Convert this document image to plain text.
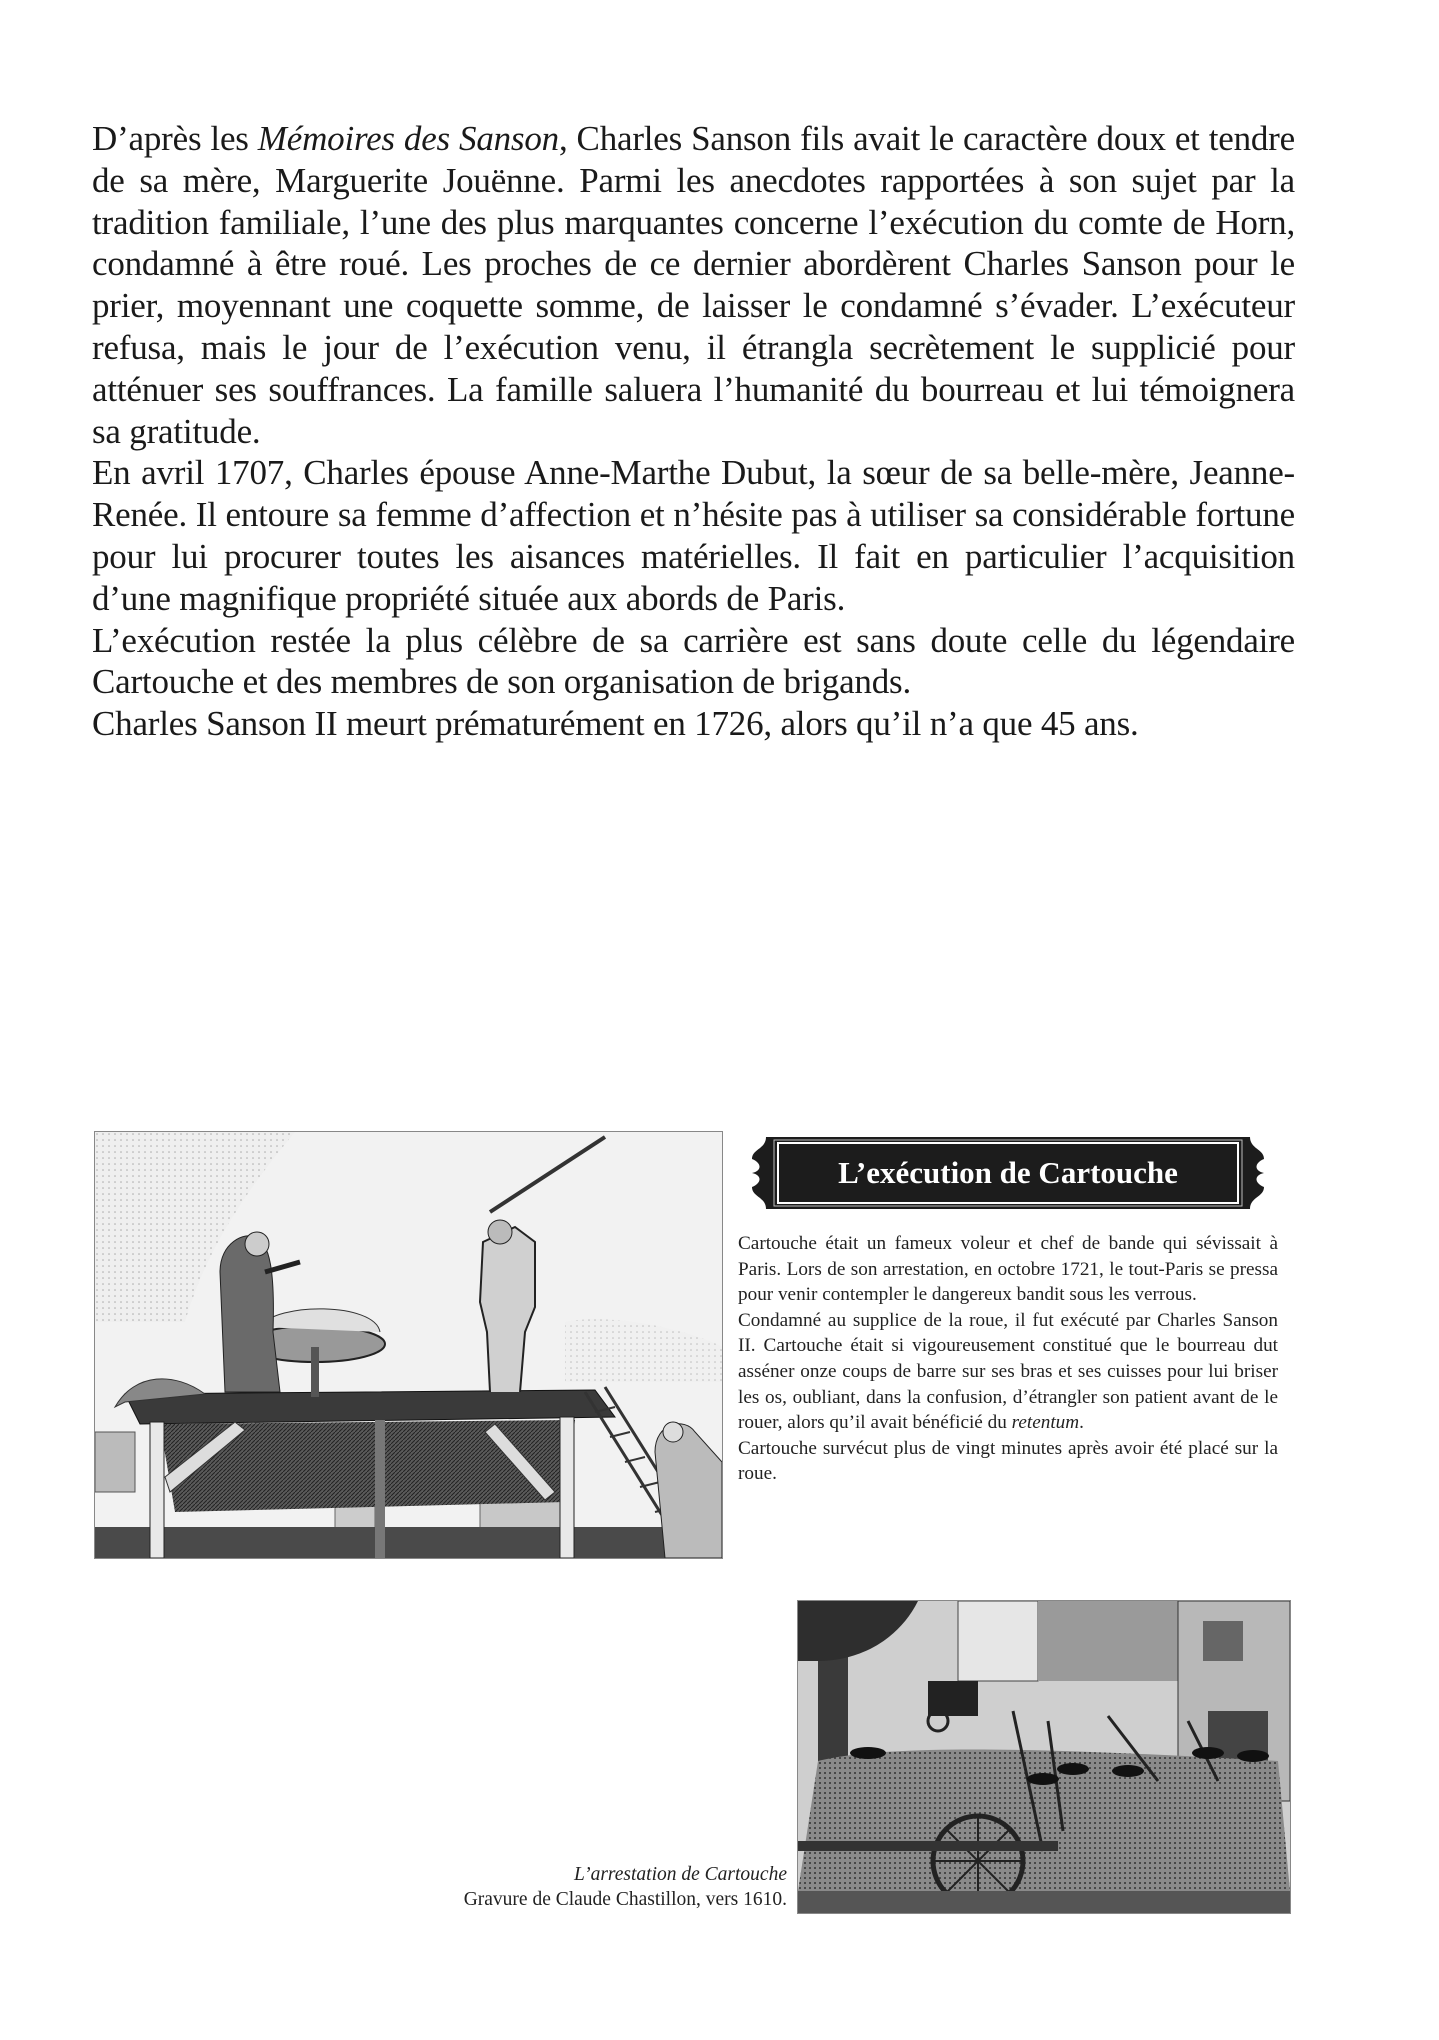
D’après les Mémoires des Sanson, Charles Sanson fils avait le caractère doux et tendre de sa mère, Marguerite Jouënne. Parmi les anecdotes rapportées à son sujet par la tradition familiale, l’une des plus marquantes concerne l’exécution du comte de Horn, condamné à être roué. Les proches de ce dernier abordèrent Charles Sanson pour le prier, moyennant une coquette somme, de laisser le condamné s’évader. L’exécuteur refusa, mais le jour de l’exécution venu, il étrangla secrètement le supplicié pour atténuer ses souffrances. La famille saluera l’humanité du bourreau et lui témoignera sa gratitude.

En avril 1707, Charles épouse Anne-Marthe Dubut, la sœur de sa belle-mère, Jeanne-Renée. Il entoure sa femme d’affection et n’hésite pas à utiliser sa considérable fortune pour lui procurer toutes les aisances matérielles. Il fait en particulier l’acquisition d’une magnifique propriété située aux abords de Paris.

L’exécution restée la plus célèbre de sa carrière est sans doute celle du légendaire Cartouche et des membres de son organisation de brigands.

Charles Sanson II meurt prématurément en 1726, alors qu’il n’a que 45 ans.

L’exécution de Cartouche

Cartouche était un fameux voleur et chef de bande qui sévissait à Paris. Lors de son arrestation, en octobre 1721, le tout-Paris se pressa pour venir contempler le dangereux bandit sous les verrous.

Condamné au supplice de la roue, il fut exécuté par Charles Sanson II. Cartouche était si vigoureusement constitué que le bourreau dut asséner onze coups de barre sur ses bras et ses cuisses pour lui briser les os, oubliant, dans la confusion, d’étrangler son patient avant de le rouer, alors qu’il avait bénéficié du retentum.

Cartouche survécut plus de vingt minutes après avoir été placé sur la roue.

L’arrestation de Cartouche
Gravure de Claude Chastillon, vers 1610.
